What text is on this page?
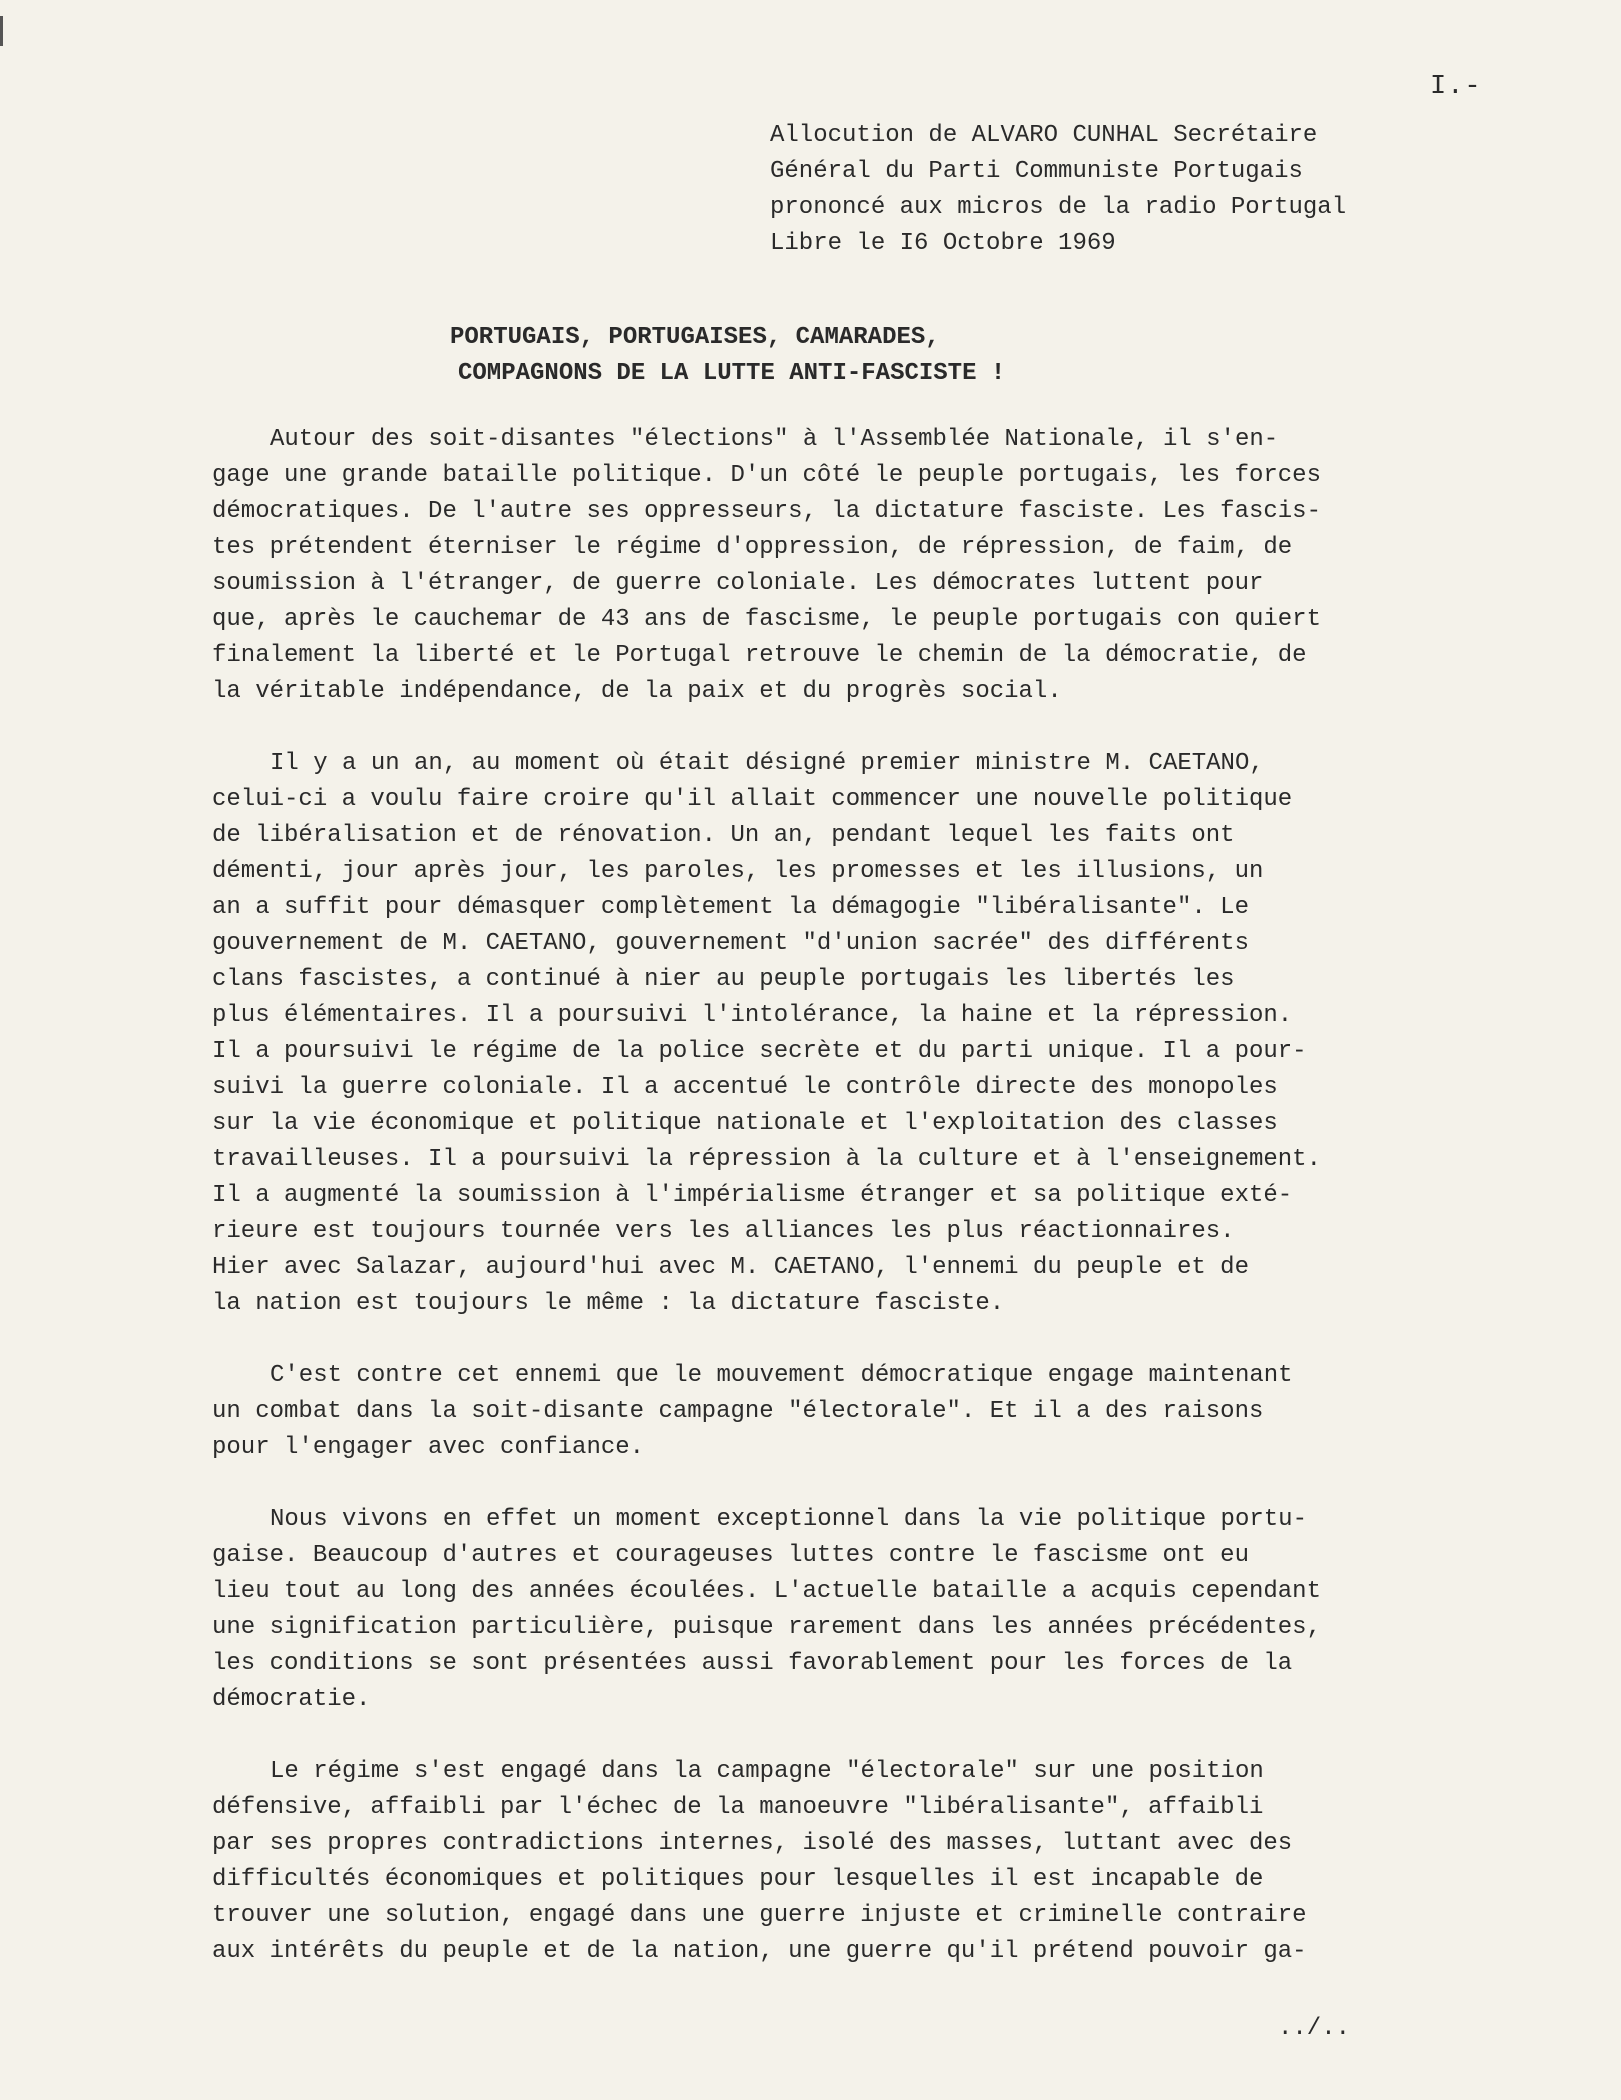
I.-
Allocution de ALVARO CUNHAL Secrétaire
Général du Parti Communiste Portugais
prononcé aux micros de la radio Portugal
Libre le I6 Octobre 1969
PORTUGAIS, PORTUGAISES, CAMARADES,
COMPAGNONS DE LA LUTTE ANTI-FASCISTE !
Autour des soit-disantes "élections" à l'Assemblée Nationale, il s'en-
gage une grande bataille politique. D'un côté le peuple portugais, les forces
démocratiques. De l'autre ses oppresseurs, la dictature fasciste. Les fascis-
tes prétendent éterniser le régime d'oppression, de répression, de faim, de
soumission à l'étranger, de guerre coloniale. Les démocrates luttent pour
que, après le cauchemar de 43 ans de fascisme, le peuple portugais con quiert
finalement la liberté et le Portugal retrouve le chemin de la démocratie, de
la véritable indépendance, de la paix et du progrès social.
Il y a un an, au moment où était désigné premier ministre M. CAETANO,
celui-ci a voulu faire croire qu'il allait commencer une nouvelle politique
de libéralisation et de rénovation. Un an, pendant lequel les faits ont
démenti, jour après jour, les paroles, les promesses et les illusions, un
an a suffit pour démasquer complètement la démagogie "libéralisante". Le
gouvernement de M. CAETANO, gouvernement "d'union sacrée" des différents
clans fascistes, a continué à nier au peuple portugais les libertés les
plus élémentaires. Il a poursuivi l'intolérance, la haine et la répression.
Il a poursuivi le régime de la police secrète et du parti unique. Il a pour-
suivi la guerre coloniale. Il a accentué le contrôle directe des monopoles
sur la vie économique et politique nationale et l'exploitation des classes
travailleuses. Il a poursuivi la répression à la culture et à l'enseignement.
Il a augmenté la soumission à l'impérialisme étranger et sa politique exté-
rieure est toujours tournée vers les alliances les plus réactionnaires.
Hier avec Salazar, aujourd'hui avec M. CAETANO, l'ennemi du peuple et de
la nation est toujours le même : la dictature fasciste.
C'est contre cet ennemi que le mouvement démocratique engage maintenant
un combat dans la soit-disante campagne "électorale". Et il a des raisons
pour l'engager avec confiance.
Nous vivons en effet un moment exceptionnel dans la vie politique portu-
gaise. Beaucoup d'autres et courageuses luttes contre le fascisme ont eu
lieu tout au long des années écoulées. L'actuelle bataille a acquis cependant
une signification particulière, puisque rarement dans les années précédentes,
les conditions se sont présentées aussi favorablement pour les forces de la
démocratie.
Le régime s'est engagé dans la campagne "électorale" sur une position
défensive, affaibli par l'échec de la manoeuvre "libéralisante", affaibli
par ses propres contradictions internes, isolé des masses, luttant avec des
difficultés économiques et politiques pour lesquelles il est incapable de
trouver une solution, engagé dans une guerre injuste et criminelle contraire
aux intérêts du peuple et de la nation, une guerre qu'il prétend pouvoir ga-
../..
